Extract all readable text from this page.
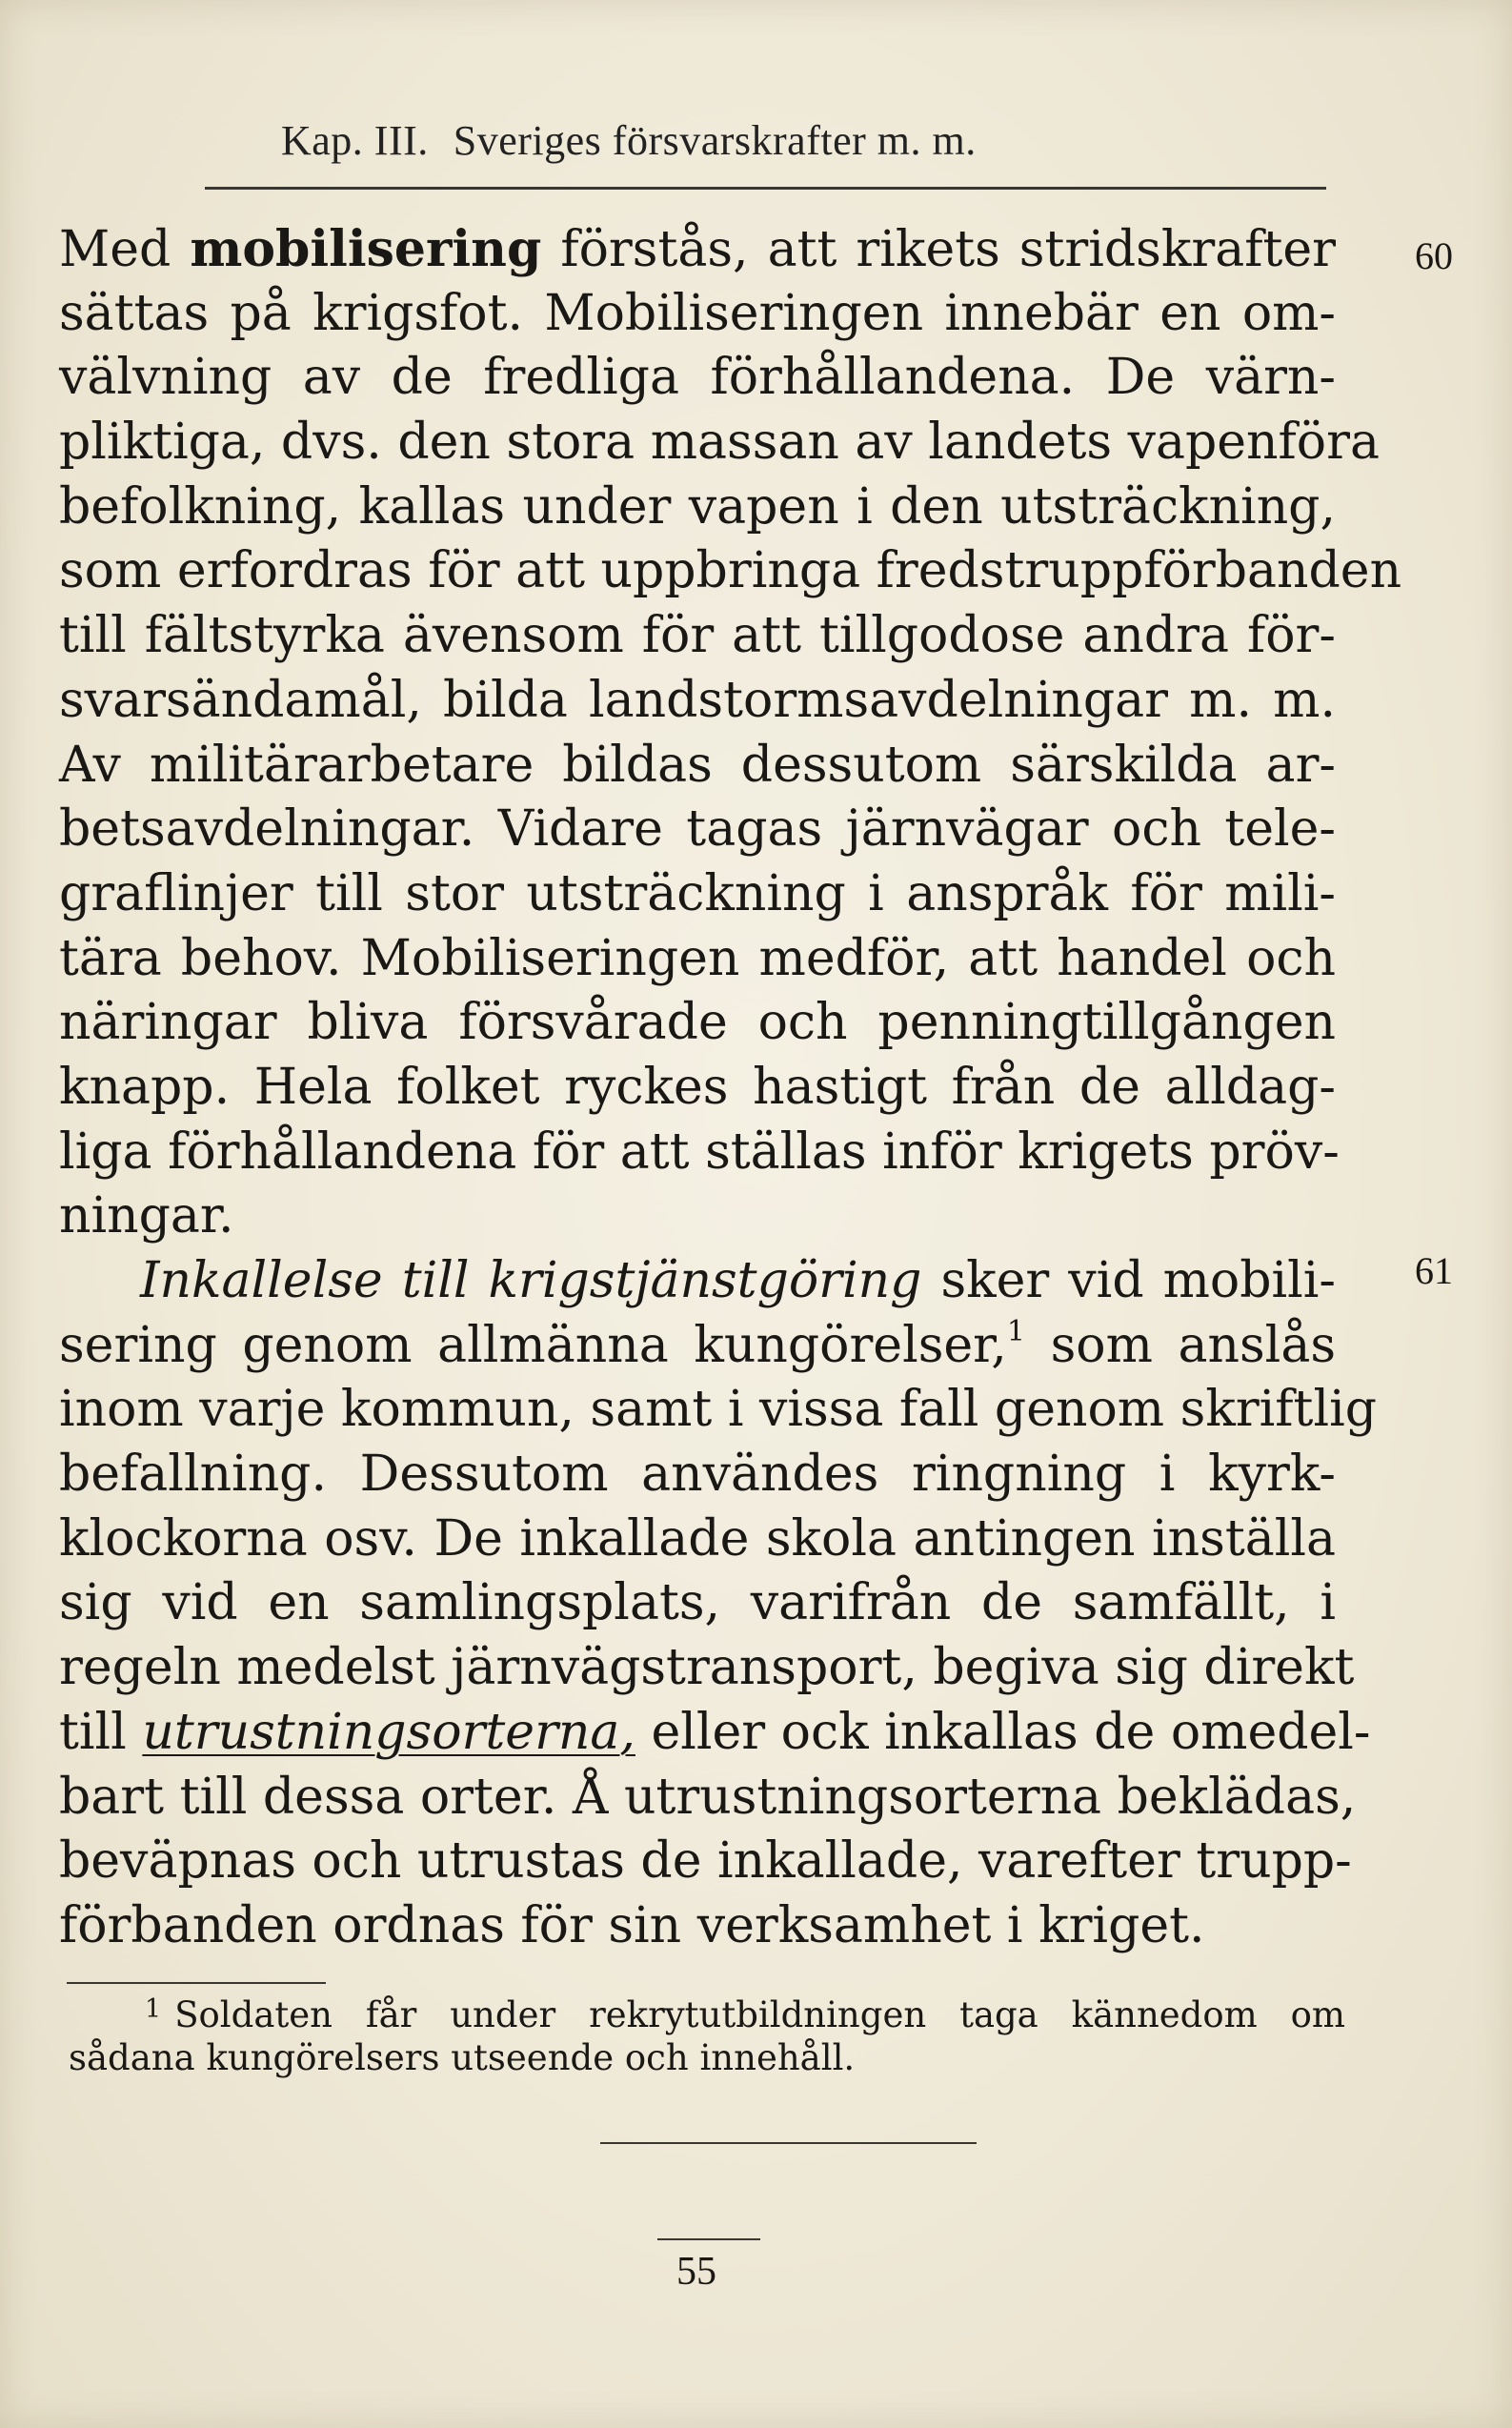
Kap. III. Sveriges försvarskrafter m. m.
60
61
Med mobilisering förstås, att rikets stridskrafter
sättas på krigsfot. Mobiliseringen innebär en om-
välvning av de fredliga förhållandena. De värn-
pliktiga, dvs. den stora massan av landets vapenföra
befolkning, kallas under vapen i den utsträckning,
som erfordras för att uppbringa fredstruppförbanden
till fältstyrka ävensom för att tillgodose andra för-
svarsändamål, bilda landstormsavdelningar m. m.
Av militärarbetare bildas dessutom särskilda ar-
betsavdelningar. Vidare tagas järnvägar och tele-
graflinjer till stor utsträckning i anspråk för mili-
tära behov. Mobiliseringen medför, att handel och
näringar bliva försvårade och penningtillgången
knapp. Hela folket ryckes hastigt från de alldag-
liga förhållandena för att ställas inför krigets pröv-
ningar.
Inkallelse till krigstjänstgöring sker vid mobili-
sering genom allmänna kungörelser,$^1$ som anslås
inom varje kommun, samt i vissa fall genom skriftlig
befallning. Dessutom användes ringning i kyrk-
klockorna osv. De inkallade skola antingen inställa
sig vid en samlingsplats, varifrån de samfällt, i
regeln medelst järnvägstransport, begiva sig direkt
till utrustningsorterna, eller ock inkallas de omedel-
bart till dessa orter. Å utrustningsorterna beklädas,
beväpnas och utrustas de inkallade, varefter trupp-
förbanden ordnas för sin verksamhet i kriget.
$^1$ Soldaten får under rekrytutbildningen taga kännedom om
sådana kungörelsers utseende och innehåll.
55
